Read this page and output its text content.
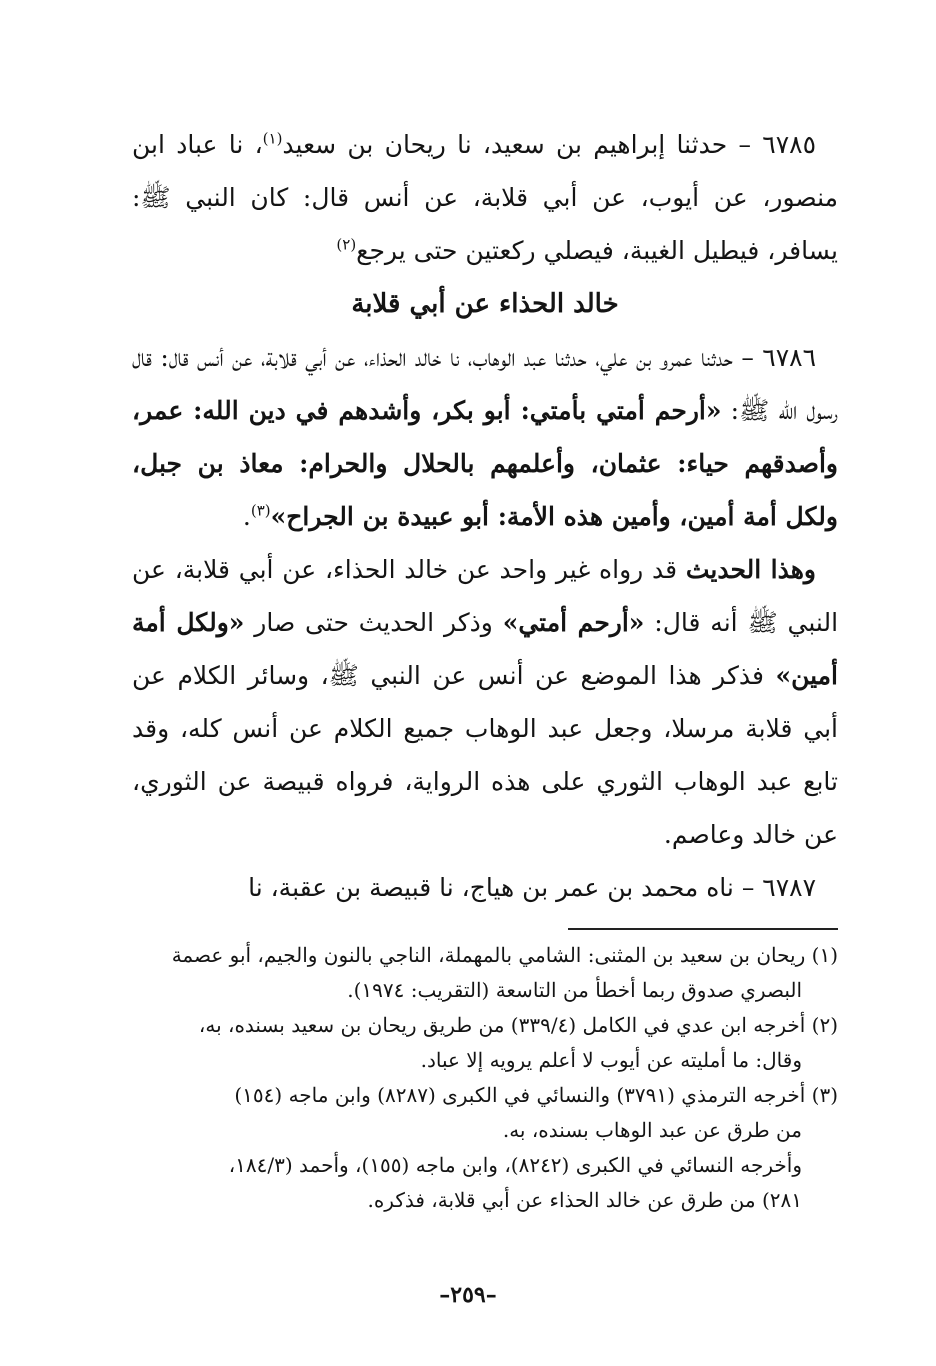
٦٧٨٥ – حدثنا إبراهيم بن سعيد، نا ريحان بن سعيد$^{(١)}$، نا عباد ابن منصور، عن أيوب، عن أبي قلابة، عن أنس قال: كان النبي ﷺ: يسافر، فيطيل الغيبة، فيصلي ركعتين حتى يرجع$^{(٢)}$

خالد الحذاء عن أبي قلابة

٦٧٨٦ – حدثنا عمرو بن علي، حدثنا عبد الوهاب، نا خالد الحذاء، عن أبي قلابة، عن أنس قال: قال رسول الله ﷺ: «أرحم أمتي بأمتي: أبو بكر، وأشدهم في دين الله: عمر، وأصدقهم حياء: عثمان، وأعلمهم بالحلال والحرام: معاذ بن جبل، ولكل أمة أمين، وأمين هذه الأمة: أبو عبيدة بن الجراح»$^{(٣)}$.

وهذا الحديث قد رواه غير واحد عن خالد الحذاء، عن أبي قلابة، عن النبي ﷺ أنه قال: «أرحم أمتي» وذكر الحديث حتى صار «ولكل أمة أمين» فذكر هذا الموضع عن أنس عن النبي ﷺ، وسائر الكلام عن أبي قلابة مرسلا، وجعل عبد الوهاب جميع الكلام عن أنس كله، وقد تابع عبد الوهاب الثوري على هذه الرواية، فرواه قبيصة عن الثوري، عن خالد وعاصم.

٦٧٨٧ – ناه محمد بن عمر بن هياج، نا قبيصة بن عقبة، نا

(١) ريحان بن سعيد بن المثنى: الشامي بالمهملة، الناجي بالنون والجيم، أبو عصمة

البصري صدوق ربما أخطأ من التاسعة (التقريب: ١٩٧٤).

(٢) أخرجه ابن عدي في الكامل (٣٣٩/٤) من طريق ريحان بن سعيد بسنده، به،

وقال: ما أمليته عن أيوب لا أعلم يرويه إلا عباد.

(٣) أخرجه الترمذي (٣٧٩١) والنسائي في الكبرى (٨٢٨٧) وابن ماجه (١٥٤)

من طرق عن عبد الوهاب بسنده، به.

وأخرجه النسائي في الكبرى (٨٢٤٢)، وابن ماجه (١٥٥)، وأحمد (١٨٤/٣،

٢٨١) من طرق عن خالد الحذاء عن أبي قلابة، فذكره.

–٢٥٩–
